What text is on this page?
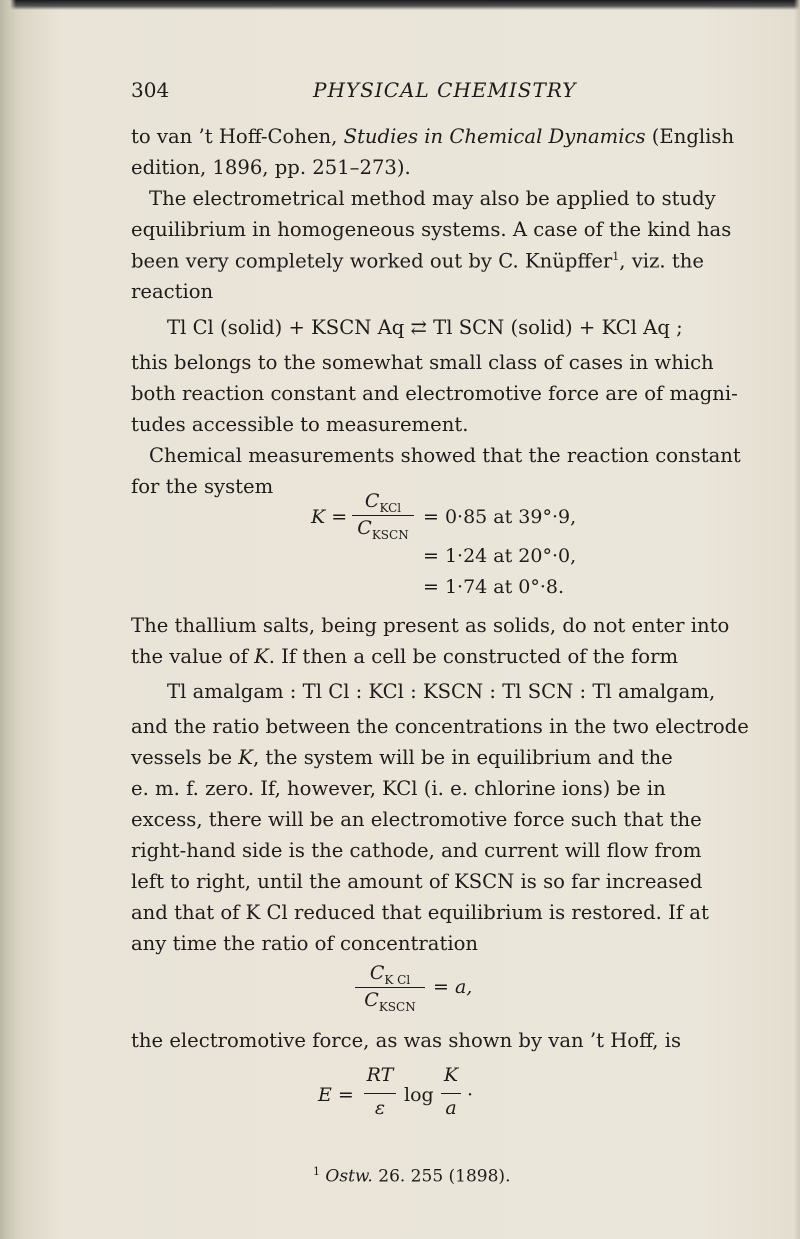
304	PHYSICAL CHEMISTRY
to van ’t Hoff-Cohen, Studies in Chemical Dynamics (English
edition, 1896, pp. 251–273).
The electrometrical method may also be applied to study
equilibrium in homogeneous systems. A case of the kind has
been very completely worked out by C. Knüpffer$^1$, viz. the
reaction
Tl Cl (solid) + KSCN Aq ⇄ Tl SCN (solid) + KCl Aq ;
this belongs to the somewhat small class of cases in which
both reaction constant and electromotive force are of magni-
tudes accessible to measurement.
Chemical measurements showed that the reaction constant
for the system
K =
$C_{KCl}$
$C_{KSCN}$
= 0·85 at 39°·9,
= 1·24 at 20°·0,
= 1·74 at 0°·8.
The thallium salts, being present as solids, do not enter into
the value of K. If then a cell be constructed of the form
Tl amalgam : Tl Cl : KCl : KSCN : Tl SCN : Tl amalgam,
and the ratio between the concentrations in the two electrode
vessels be K, the system will be in equilibrium and the
e. m. f. zero. If, however, KCl (i. e. chlorine ions) be in
excess, there will be an electromotive force such that the
right-hand side is the cathode, and current will flow from
left to right, until the amount of KSCN is so far increased
and that of K Cl reduced that equilibrium is restored. If at
any time the ratio of concentration
$C_{K Cl}$
$C_{KSCN}$
= a,
the electromotive force, as was shown by van ’t Hoff, is
E =
RT
ε
log
K
a
·
$^1$ Ostw. 26. 255 (1898).
